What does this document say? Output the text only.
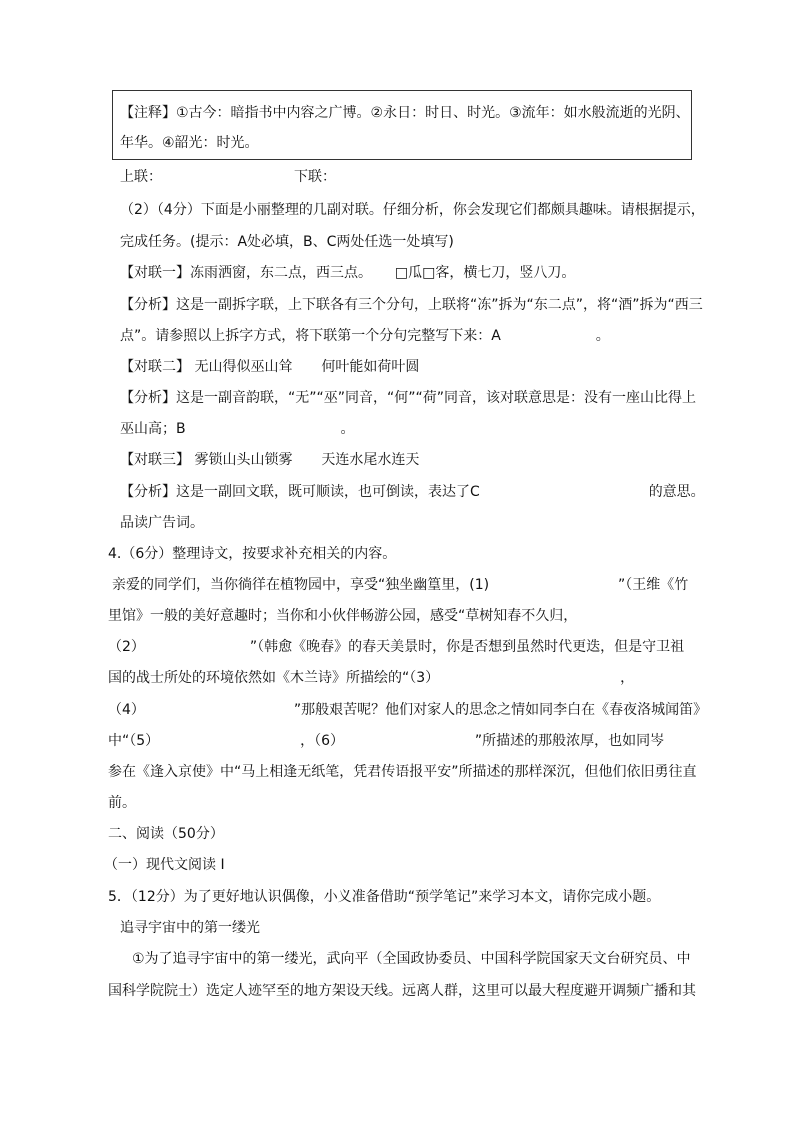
【注释】①古今：暗指书中内容之广博。②永日：时日、时光。③流年：如水般流逝的光阴、
年华。④韶光：时光。
上联：	下联：
（2）（4分）下面是小丽整理的几副对联。仔细分析，你会发现它们都颇具趣味。请根据提示，
完成任务。(提示：A处必填，B、C两处任选一处填写)
【对联一】冻雨洒窗，东二点，西三点。 □瓜□客，横七刀，竖八刀。
【分析】这是一副拆字联，上下联各有三个分句，上联将“冻”拆为“东二点”，将“酒”拆为“西三
点”。请参照以上拆字方式，将下联第一个分句完整写下来：A	。
【对联二】 无山得似巫山耸 何叶能如荷叶圆
【分析】这是一副音韵联，“无”“巫”同音，“何”“荷”同音，该对联意思是：没有一座山比得上
巫山高；B	。
【对联三】 雾锁山头山锁雾 天连水尾水连天
【分析】这是一副回文联，既可顺读，也可倒读，表达了C	的意思。
品读广告词。
4.（6分）整理诗文，按要求补充相关的内容。
亲爱的同学们，当你徜徉在植物园中，享受“独坐幽篁里，(1)	”（王维《竹
里馆》一般的美好意趣时；当你和小伙伴畅游公园，感受“草树知春不久归，
（2）	”（韩愈《晚春》的春天美景时，你是否想到虽然时代更迭，但是守卫祖
国的战士所处的环境依然如《木兰诗》所描绘的“（3）	，
（4）	”那般艰苦呢？他们对家人的思念之情如同李白在《春夜洛城闻笛》
中“（5）	，（6）	”所描述的那般浓厚，也如同岑
参在《逢入京使》中“马上相逢无纸笔，凭君传语报平安”所描述的那样深沉，但他们依旧勇往直
前。
二、阅读（50分）
（一）现代文阅读 I
5．（12分）为了更好地认识偶像，小义准备借助“预学笔记”来学习本文，请你完成小题。
追寻宇宙中的第一缕光
①为了追寻宇宙中的第一缕光，武向平（全国政协委员、中国科学院国家天文台研究员、中
国科学院院士）选定人迹罕至的地方架设天线。远离人群，这里可以最大程度避开调频广播和其
